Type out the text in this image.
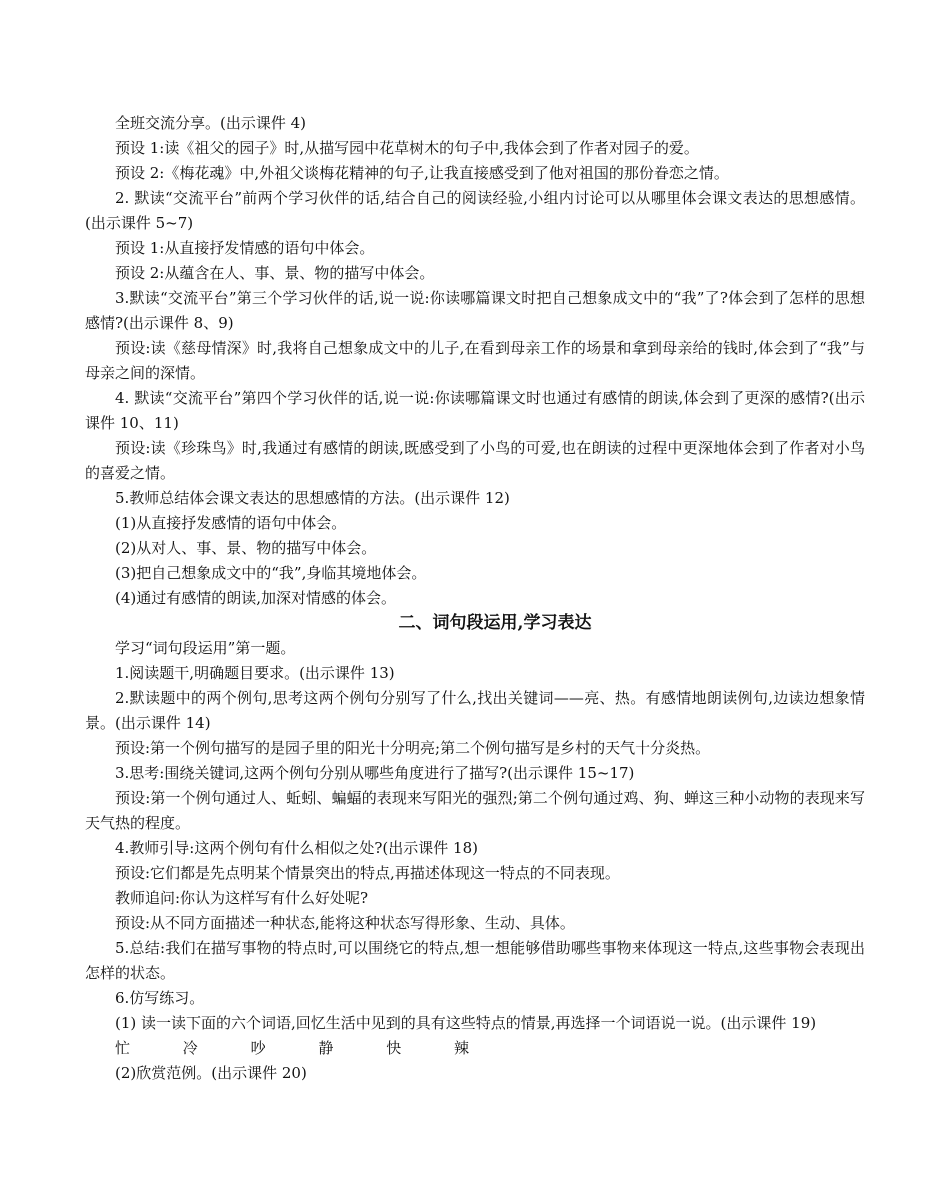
全班交流分享。(出示课件 4)

预设 1:读《祖父的园子》时,从描写园中花草树木的句子中,我体会到了作者对园子的爱。

预设 2:《梅花魂》中,外祖父谈梅花精神的句子,让我直接感受到了他对祖国的那份眷恋之情。

2. 默读“交流平台”前两个学习伙伴的话,结合自己的阅读经验,小组内讨论可以从哪里体会课文表达的思想感情。(出示课件 5~7)

预设 1:从直接抒发情感的语句中体会。

预设 2:从蕴含在人、事、景、物的描写中体会。

3.默读“交流平台”第三个学习伙伴的话,说一说:你读哪篇课文时把自己想象成文中的“我”了?体会到了怎样的思想感情?(出示课件 8、9)

预设:读《慈母情深》时,我将自己想象成文中的儿子,在看到母亲工作的场景和拿到母亲给的钱时,体会到了“我”与母亲之间的深情。

4. 默读“交流平台”第四个学习伙伴的话,说一说:你读哪篇课文时也通过有感情的朗读,体会到了更深的感情?(出示课件 10、11)

预设:读《珍珠鸟》时,我通过有感情的朗读,既感受到了小鸟的可爱,也在朗读的过程中更深地体会到了作者对小鸟的喜爱之情。

5.教师总结体会课文表达的思想感情的方法。(出示课件 12)

(1)从直接抒发感情的语句中体会。

(2)从对人、事、景、物的描写中体会。

(3)把自己想象成文中的“我”,身临其境地体会。

(4)通过有感情的朗读,加深对情感的体会。

二、词句段运用,学习表达

学习“词句段运用”第一题。

1.阅读题干,明确题目要求。(出示课件 13)

2.默读题中的两个例句,思考这两个例句分别写了什么,找出关键词——亮、热。有感情地朗读例句,边读边想象情景。(出示课件 14)

预设:第一个例句描写的是园子里的阳光十分明亮;第二个例句描写是乡村的天气十分炎热。

3.思考:围绕关键词,这两个例句分别从哪些角度进行了描写?(出示课件 15~17)

预设:第一个例句通过人、蚯蚓、蝙蝠的表现来写阳光的强烈;第二个例句通过鸡、狗、蝉这三种小动物的表现来写天气热的程度。

4.教师引导:这两个例句有什么相似之处?(出示课件 18)

预设:它们都是先点明某个情景突出的特点,再描述体现这一特点的不同表现。

教师追问:你认为这样写有什么好处呢?

预设:从不同方面描述一种状态,能将这种状态写得形象、生动、具体。

5.总结:我们在描写事物的特点时,可以围绕它的特点,想一想能够借助哪些事物来体现这一特点,这些事物会表现出怎样的状态。

6.仿写练习。

(1) 读一读下面的六个词语,回忆生活中见到的具有这些特点的情景,再选择一个词语说一说。(出示课件 19)

忙	冷	吵	静	快	辣

(2)欣赏范例。(出示课件 20)
